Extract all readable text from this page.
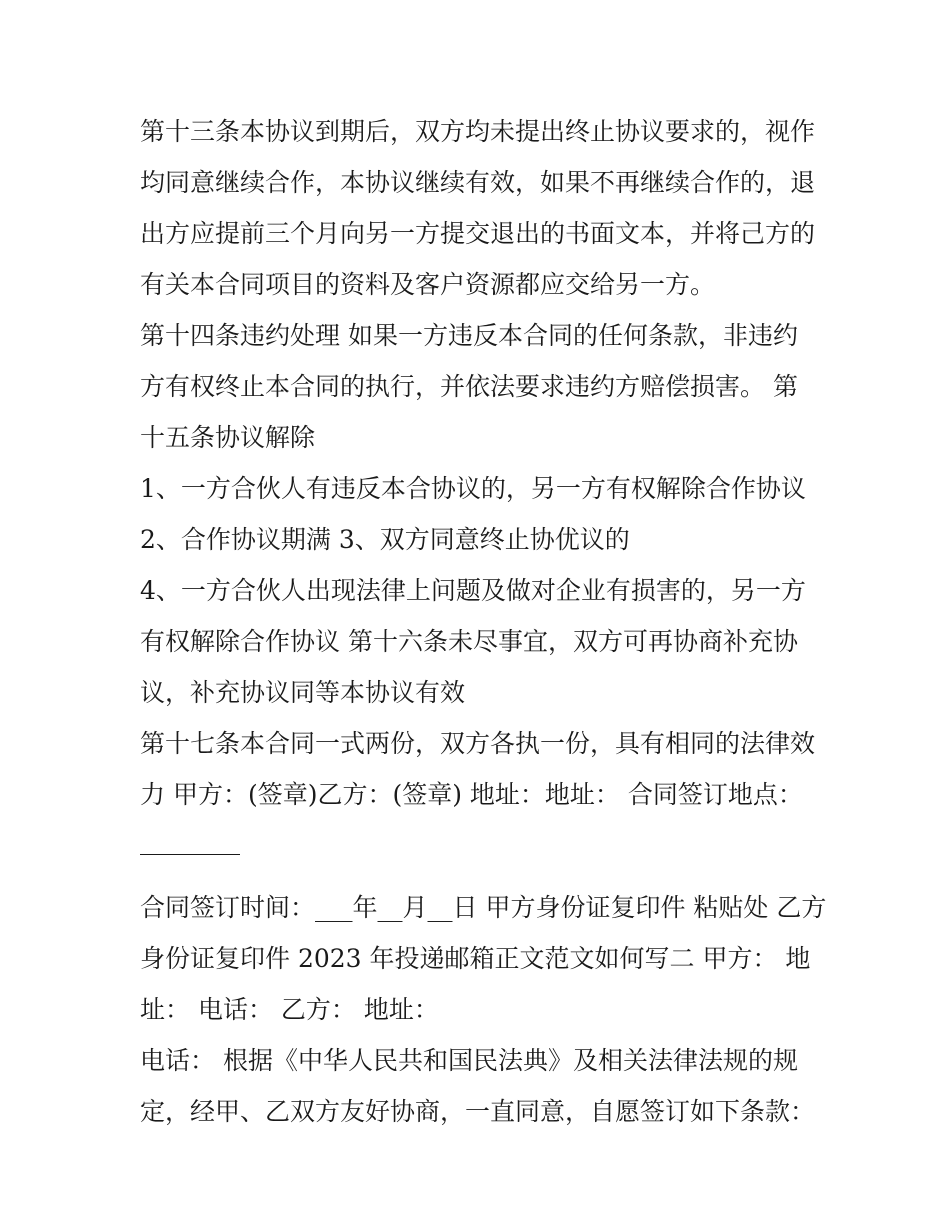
第十三条本协议到期后，双方均未提出终止协议要求的，视作
均同意继续合作，本协议继续有效，如果不再继续合作的，退
出方应提前三个月向另一方提交退出的书面文本，并将己方的
有关本合同项目的资料及客户资源都应交给另一方。
第十四条违约处理 如果一方违反本合同的任何条款，非违约
方有权终止本合同的执行，并依法要求违约方赔偿损害。 第
十五条协议解除
1、一方合伙人有违反本合协议的，另一方有权解除合作协议
2、合作协议期满 3、双方同意终止协优议的
4、一方合伙人出现法律上问题及做对企业有损害的，另一方
有权解除合作协议 第十六条未尽事宜，双方可再协商补充协
议，补充协议同等本协议有效
第十七条本合同一式两份，双方各执一份，具有相同的法律效
力 甲方：(签章)乙方：(签章) 地址：地址： 合同签订地点：
合同签订时间：___年__月__日 甲方身份证复印件 粘贴处 乙方
身份证复印件 2023 年投递邮箱正文范文如何写二 甲方： 地
址： 电话： 乙方： 地址：
电话： 根据《中华人民共和国民法典》及相关法律法规的规
定，经甲、乙双方友好协商，一直同意，自愿签订如下条款：
